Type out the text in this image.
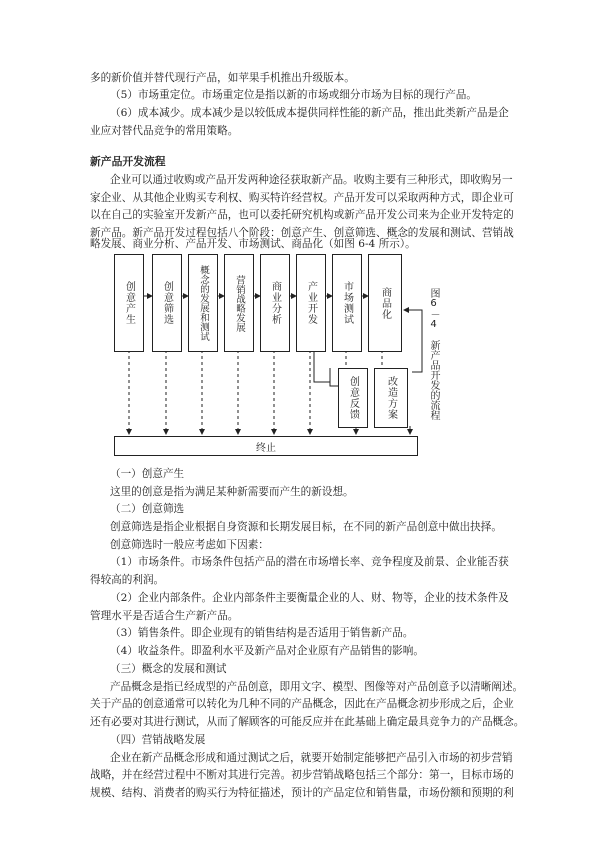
多的新价值并替代现行产品，如苹果手机推出升级版本。
（5）市场重定位。市场重定位是指以新的市场或细分市场为目标的现行产品。
（6）成本减少。成本减少是以较低成本提供同样性能的新产品，推出此类新产品是企
业应对替代品竞争的常用策略。
新产品开发流程
企业可以通过收购或产品开发两种途径获取新产品。收购主要有三种形式，即收购另一
家企业、从其他企业购买专利权、购买特许经营权。产品开发可以采取两种方式，即企业可
以在自己的实验室开发新产品，也可以委托研究机构或新产品开发公司来为企业开发特定的
新产品。新产品开发过程包括八个阶段：创意产生、创意筛选、概念的发展和测试、营销战
略发展、商业分析、产品开发、市场测试、商品化（如图 6-4 所示）。
创意产生	创意筛选	概念的发展和测试	营销战略发展	商业分析	产业开发	市场测试	商品化
创意反馈	改造方案
终止
图6－4　新产品开发的流程
（一）创意产生
这里的创意是指为满足某种新需要而产生的新设想。
（二）创意筛选
创意筛选是指企业根据自身资源和长期发展目标，在不同的新产品创意中做出抉择。
创意筛选时一般应考虑如下因素：
（1）市场条件。市场条件包括产品的潜在市场增长率、竞争程度及前景、企业能否获
得较高的利润。
（2）企业内部条件。企业内部条件主要衡量企业的人、财、物等，企业的技术条件及
管理水平是否适合生产新产品。
（3）销售条件。即企业现有的销售结构是否适用于销售新产品。
（4）收益条件。即盈利水平及新产品对企业原有产品销售的影响。
（三）概念的发展和测试
产品概念是指已经成型的产品创意，即用文字、模型、图像等对产品创意予以清晰阐述。
关于产品的创意通常可以转化为几种不同的产品概念，因此在产品概念初步形成之后，企业
还有必要对其进行测试，从而了解顾客的可能反应并在此基础上确定最具竞争力的产品概念。
（四）营销战略发展
企业在新产品概念形成和通过测试之后，就要开始制定能够把产品引入市场的初步营销
战略，并在经营过程中不断对其进行完善。初步营销战略包括三个部分：第一，目标市场的
规模、结构、消费者的购买行为特征描述，预计的产品定位和销售量，市场份额和预期的利
